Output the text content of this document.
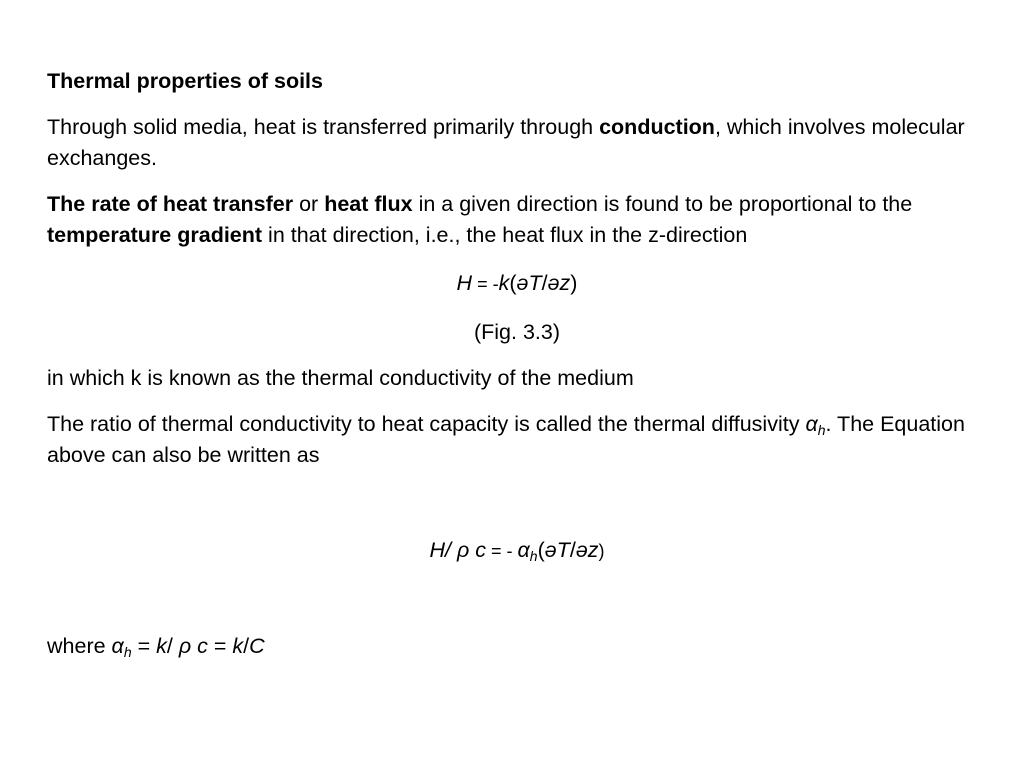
Thermal properties of soils

Through solid media, heat is transferred primarily through conduction, which involves molecular exchanges.

The rate of heat transfer or heat flux in a given direction is found to be proportional to the temperature gradient in that direction, i.e., the heat flux in the z-direction

H = -k(əT/əz)

(Fig. 3.3)

in which k is known as the thermal conductivity of the medium

The ratio of thermal conductivity to heat capacity is called the thermal diffusivity $\alpha_h$. The Equation above can also be written as

H/ ρ c = - $\alpha_h(əT/əz)$

where $\alpha_h = k/$ ρ c = k/C
